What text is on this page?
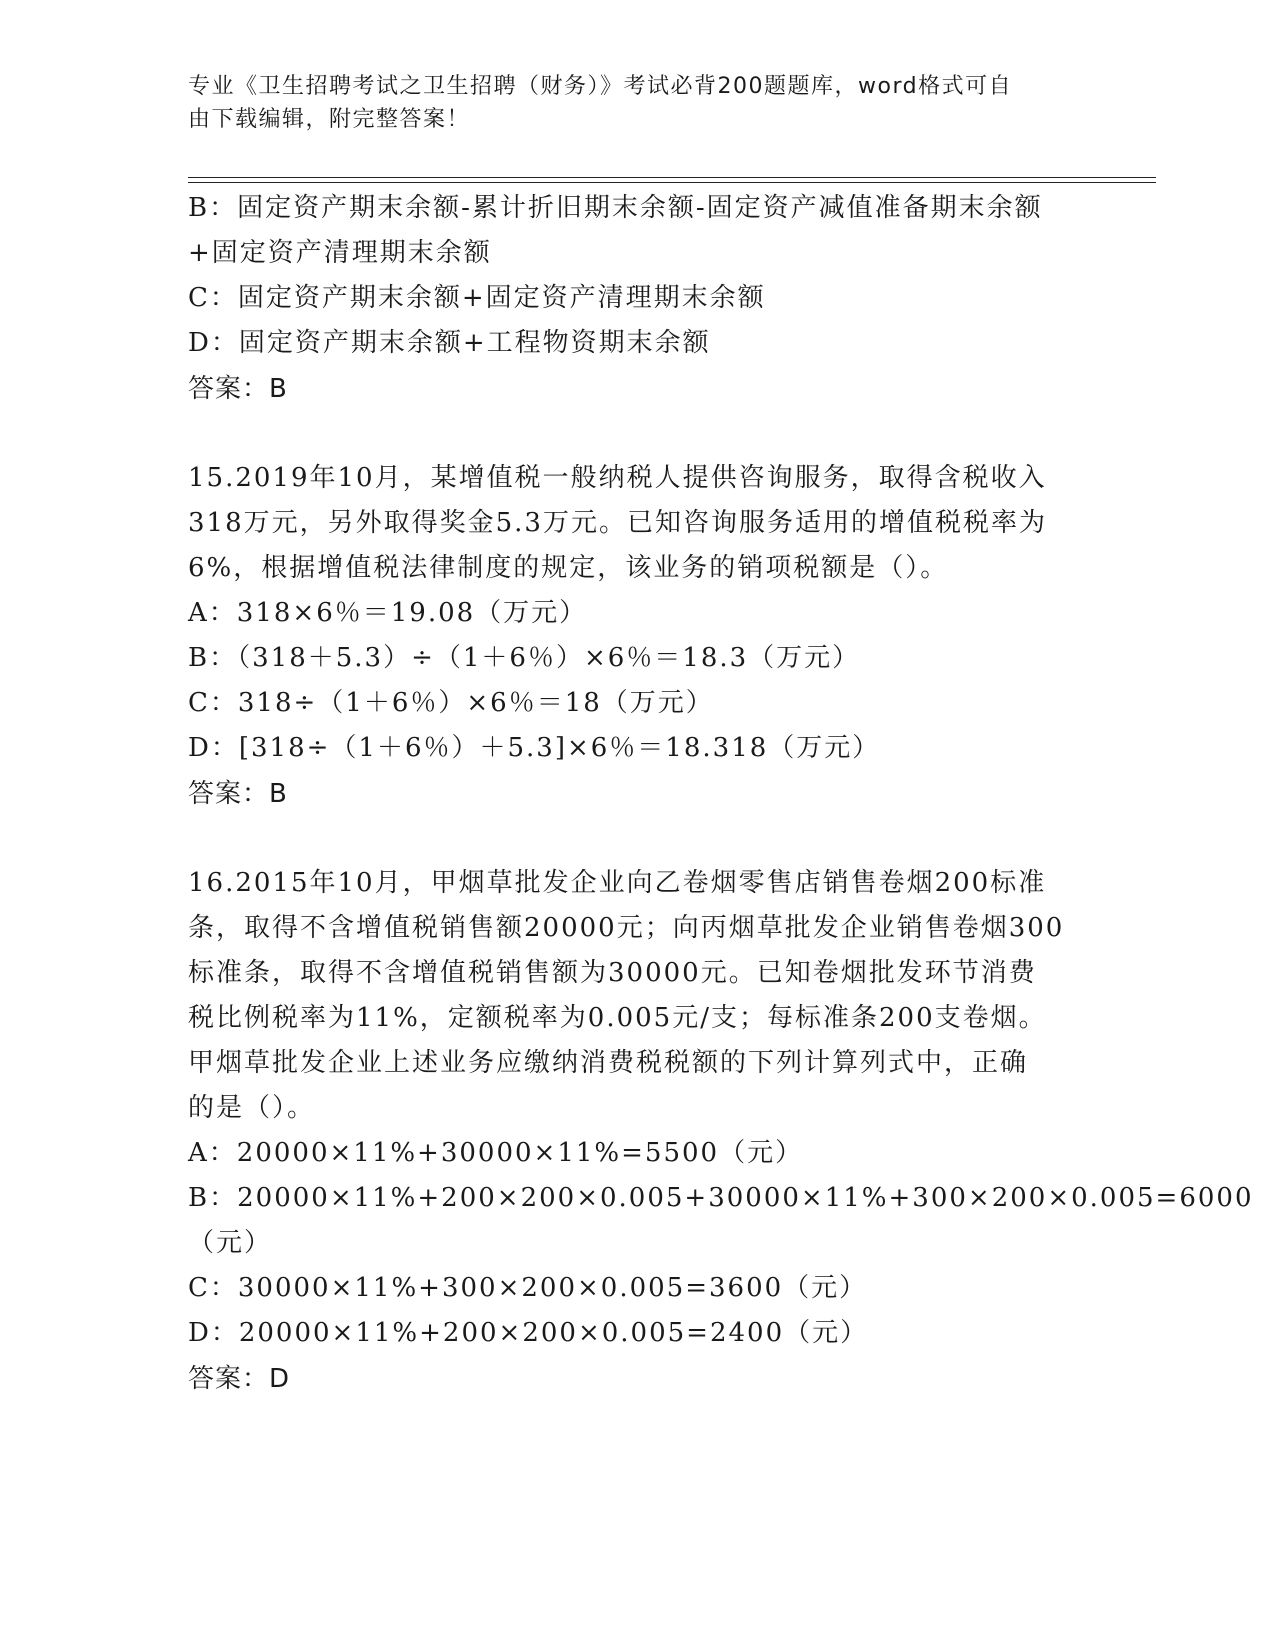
专业《卫生招聘考试之卫生招聘（财务）》考试必背200题题库，word格式可自
由下载编辑，附完整答案！
B：固定资产期末余额-累计折旧期末余额-固定资产减值准备期末余额
+固定资产清理期末余额
C：固定资产期末余额+固定资产清理期末余额
D：固定资产期末余额+工程物资期末余额
答案：B
15.2019年10月，某增值税一般纳税人提供咨询服务，取得含税收入
318万元，另外取得奖金5.3万元。已知咨询服务适用的增值税税率为
6%，根据增值税法律制度的规定，该业务的销项税额是（）。
A：318×6％＝19.08（万元）
B：（318＋5.3）÷（1＋6％）×6％＝18.3（万元）
C：318÷（1＋6％）×6％＝18（万元）
D：[318÷（1＋6％）＋5.3]×6％＝18.318（万元）
答案：B
16.2015年10月，甲烟草批发企业向乙卷烟零售店销售卷烟200标准
条，取得不含增值税销售额20000元；向丙烟草批发企业销售卷烟300
标准条，取得不含增值税销售额为30000元。已知卷烟批发环节消费
税比例税率为11%，定额税率为0.005元/支；每标准条200支卷烟。
甲烟草批发企业上述业务应缴纳消费税税额的下列计算列式中，正确
的是（）。
A：20000×11%+30000×11%=5500（元）
B：20000×11%+200×200×0.005+30000×11%+300×200×0.005=6000
（元）
C：30000×11%+300×200×0.005=3600（元）
D：20000×11%+200×200×0.005=2400（元）
答案：D
